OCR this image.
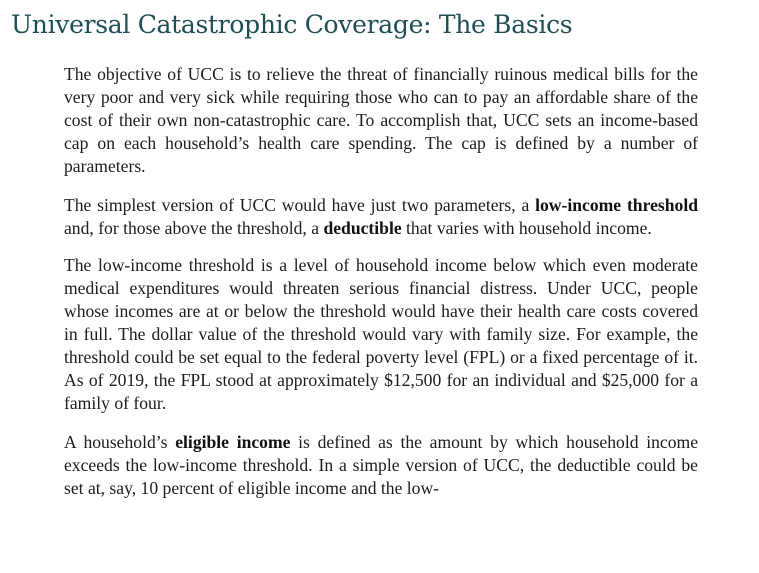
Universal Catastrophic Coverage: The Basics

The objective of UCC is to relieve the threat of financially ruinous medical bills for the very poor and very sick while requiring those who can to pay an affordable share of the cost of their own non-catastrophic care. To accomplish that, UCC sets an income-based cap on each household’s health care spending. The cap is defined by a number of parameters.

The simplest version of UCC would have just two parameters, a low-income threshold and, for those above the threshold, a deductible that varies with household income.

The low-income threshold is a level of household income below which even moderate medical expenditures would threaten serious financial distress. Under UCC, people whose incomes are at or below the threshold would have their health care costs covered in full. The dollar value of the threshold would vary with family size. For example, the threshold could be set equal to the federal poverty level (FPL) or a fixed percentage of it. As of 2019, the FPL stood at approximately $12,500 for an individual and $25,000 for a family of four.

A household’s eligible income is defined as the amount by which household income exceeds the low-income threshold. In a simple version of UCC, the deductible could be set at, say, 10 percent of eligible income and the low-
